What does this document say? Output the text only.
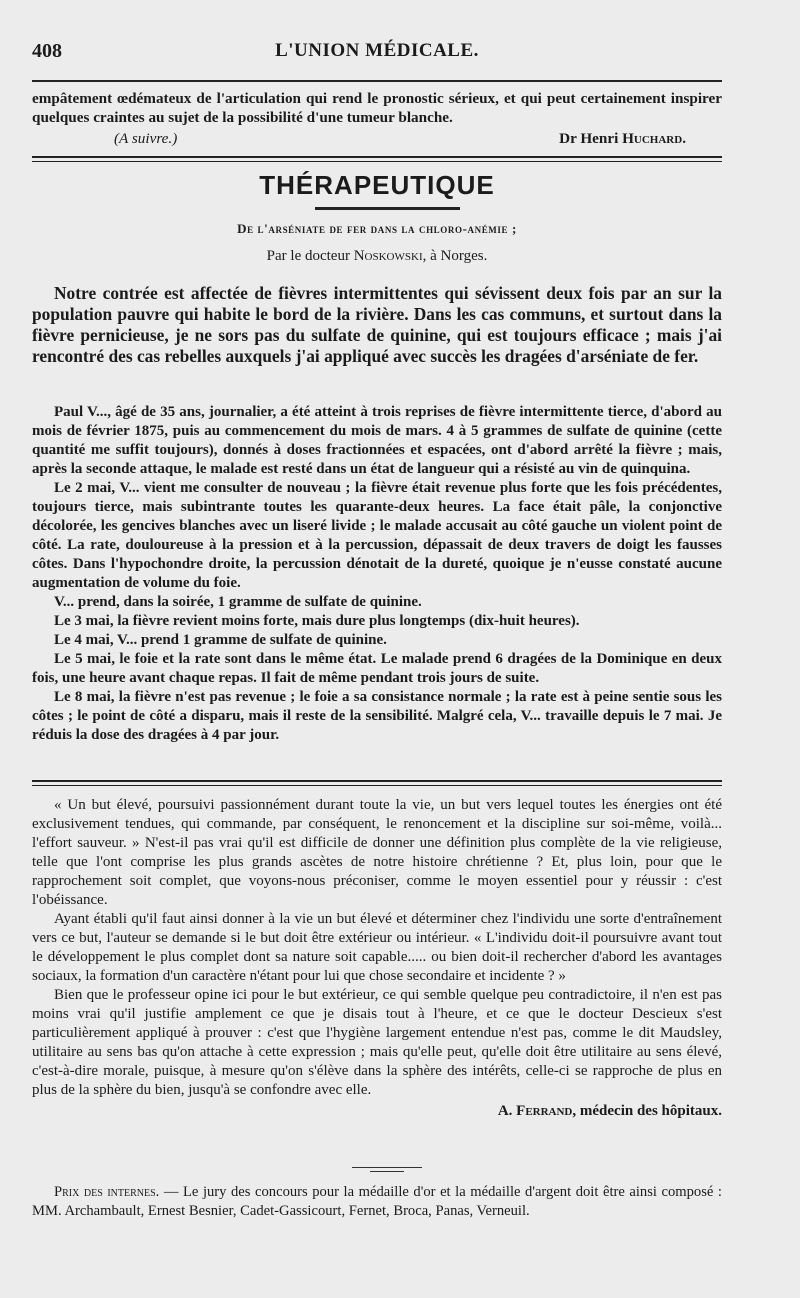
408	L'UNION MÉDICALE.

empâtement œdémateux de l'articulation qui rend le pronostic sérieux, et qui peut certainement inspirer quelques craintes au sujet de la possibilité d'une tumeur blanche.

(A suivre.)	Dr Henri Huchard.

THÉRAPEUTIQUE
De l'arséniate de fer dans la chloro-anémie ;
Par le docteur Noskowski, à Norges.

Notre contrée est affectée de fièvres intermittentes qui sévissent deux fois par an sur la population pauvre qui habite le bord de la rivière. Dans les cas communs, et surtout dans la fièvre pernicieuse, je ne sors pas du sulfate de quinine, qui est toujours efficace ; mais j'ai rencontré des cas rebelles auxquels j'ai appliqué avec succès les dragées d'arséniate de fer.

Paul V..., âgé de 35 ans, journalier, a été atteint à trois reprises de fièvre intermittente tierce, d'abord au mois de février 1875, puis au commencement du mois de mars. 4 à 5 grammes de sulfate de quinine (cette quantité me suffit toujours), donnés à doses fractionnées et espacées, ont d'abord arrêté la fièvre ; mais, après la seconde attaque, le malade est resté dans un état de langueur qui a résisté au vin de quinquina.

Le 2 mai, V... vient me consulter de nouveau ; la fièvre était revenue plus forte que les fois précédentes, toujours tierce, mais subintrante toutes les quarante-deux heures. La face était pâle, la conjonctive décolorée, les gencives blanches avec un liseré livide ; le malade accusait au côté gauche un violent point de côté. La rate, douloureuse à la pression et à la percussion, dépassait de deux travers de doigt les fausses côtes. Dans l'hypochondre droite, la percussion dénotait de la dureté, quoique je n'eusse constaté aucune augmentation de volume du foie.

V... prend, dans la soirée, 1 gramme de sulfate de quinine.

Le 3 mai, la fièvre revient moins forte, mais dure plus longtemps (dix-huit heures).

Le 4 mai, V... prend 1 gramme de sulfate de quinine.

Le 5 mai, le foie et la rate sont dans le même état. Le malade prend 6 dragées de la Dominique en deux fois, une heure avant chaque repas. Il fait de même pendant trois jours de suite.

Le 8 mai, la fièvre n'est pas revenue ; le foie a sa consistance normale ; la rate est à peine sentie sous les côtes ; le point de côté a disparu, mais il reste de la sensibilité. Malgré cela, V... travaille depuis le 7 mai. Je réduis la dose des dragées à 4 par jour.

« Un but élevé, poursuivi passionnément durant toute la vie, un but vers lequel toutes les énergies ont été exclusivement tendues, qui commande, par conséquent, le renoncement et la discipline sur soi-même, voilà... l'effort sauveur. » N'est-il pas vrai qu'il est difficile de donner une définition plus complète de la vie religieuse, telle que l'ont comprise les plus grands ascètes de notre histoire chrétienne ? Et, plus loin, pour que le rapprochement soit complet, que voyons-nous préconiser, comme le moyen essentiel pour y réussir : c'est l'obéissance.

Ayant établi qu'il faut ainsi donner à la vie un but élevé et déterminer chez l'individu une sorte d'entraînement vers ce but, l'auteur se demande si le but doit être extérieur ou intérieur. « L'individu doit-il poursuivre avant tout le développement le plus complet dont sa nature soit capable..... ou bien doit-il rechercher d'abord les avantages sociaux, la formation d'un caractère n'étant pour lui que chose secondaire et incidente ? »

Bien que le professeur opine ici pour le but extérieur, ce qui semble quelque peu contradictoire, il n'en est pas moins vrai qu'il justifie amplement ce que je disais tout à l'heure, et ce que le docteur Descieux s'est particulièrement appliqué à prouver : c'est que l'hygiène largement entendue n'est pas, comme le dit Maudsley, utilitaire au sens bas qu'on attache à cette expression ; mais qu'elle peut, qu'elle doit être utilitaire au sens élevé, c'est-à-dire morale, puisque, à mesure qu'on s'élève dans la sphère des intérêts, celle-ci se rapproche de plus en plus de la sphère du bien, jusqu'à se confondre avec elle.

A. Ferrand, médecin des hôpitaux.

Prix des internes. — Le jury des concours pour la médaille d'or et la médaille d'argent doit être ainsi composé : MM. Archambault, Ernest Besnier, Cadet-Gassicourt, Fernet, Broca, Panas, Verneuil.
